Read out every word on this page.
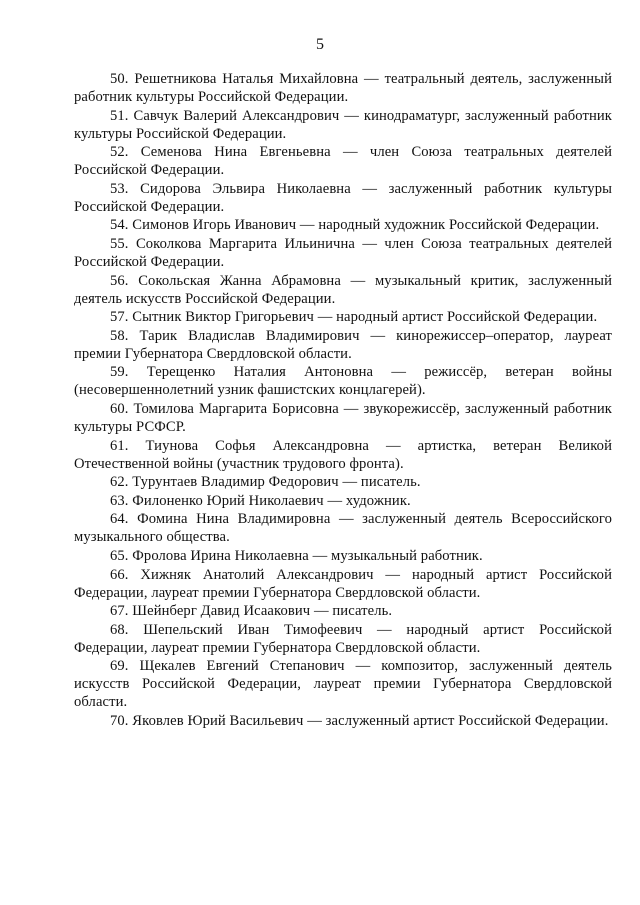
5

50. Решетникова Наталья Михайловна — театральный деятель, заслуженный работник культуры Российской Федерации.

51. Савчук Валерий Александрович — кинодраматург, заслуженный работник культуры Российской Федерации.

52. Семенова Нина Евгеньевна — член Союза театральных деятелей Российской Федерации.

53. Сидорова Эльвира Николаевна — заслуженный работник культуры Российской Федерации.

54. Симонов Игорь Иванович — народный художник Российской Федерации.

55. Соколкова Маргарита Ильинична — член Союза театральных деятелей Российской Федерации.

56. Сокольская Жанна Абрамовна — музыкальный критик, заслуженный деятель искусств Российской Федерации.

57. Сытник Виктор Григорьевич — народный артист Российской Федерации.

58. Тарик Владислав Владимирович — кинорежиссер–оператор, лауреат премии Губернатора Свердловской области.

59. Терещенко Наталия Антоновна — режиссёр, ветеран войны (несовершеннолетний узник фашистских концлагерей).

60. Томилова Маргарита Борисовна — звукорежиссёр, заслуженный работник культуры РСФСР.

61. Тиунова Софья Александровна — артистка, ветеран Великой Отечественной войны (участник трудового фронта).

62. Турунтаев Владимир Федорович — писатель.

63. Филоненко Юрий Николаевич — художник.

64. Фомина Нина Владимировна — заслуженный деятель Всероссийского музыкального общества.

65. Фролова Ирина Николаевна — музыкальный работник.

66. Хижняк Анатолий Александрович — народный артист Российской Федерации, лауреат премии Губернатора Свердловской области.

67. Шейнберг Давид Исаакович — писатель.

68. Шепельский Иван Тимофеевич — народный артист Российской Федерации, лауреат премии Губернатора Свердловской области.

69. Щекалев Евгений Степанович — композитор, заслуженный деятель искусств Российской Федерации, лауреат премии Губернатора Свердловской области.

70. Яковлев Юрий Васильевич — заслуженный артист Российской Федерации.
